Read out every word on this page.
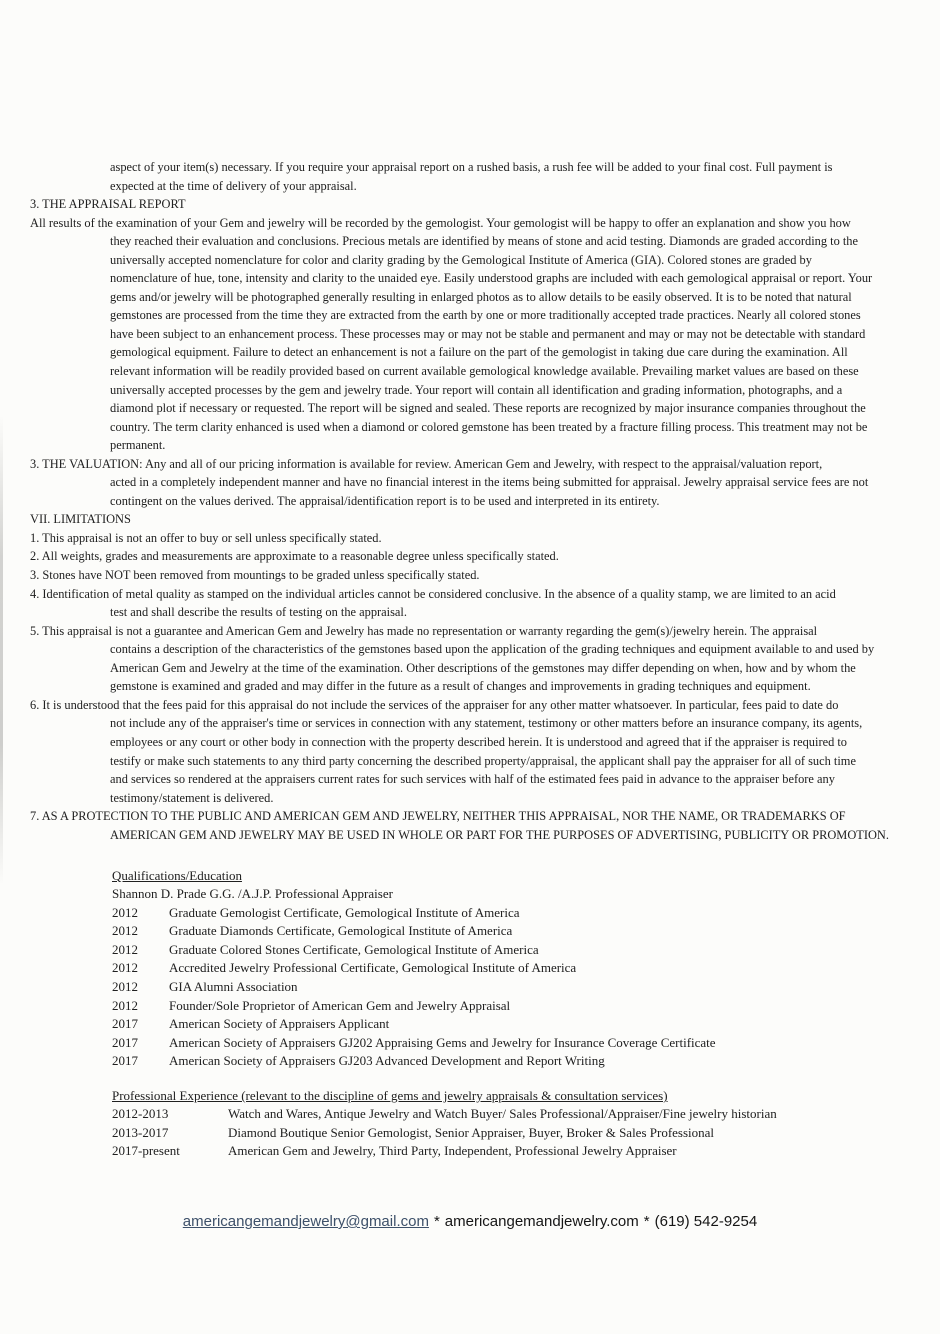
aspect of your item(s) necessary. If you require your appraisal report on a rushed basis, a rush fee will be added to your final cost. Full payment is
expected at the time of delivery of your appraisal.
3. THE APPRAISAL REPORT
All results of the examination of your Gem and jewelry will be recorded by the gemologist. Your gemologist will be happy to offer an explanation and show you how
they reached their evaluation and conclusions. Precious metals are identified by means of stone and acid testing. Diamonds are graded according to the
universally accepted nomenclature for color and clarity grading by the Gemological Institute of America (GIA). Colored stones are graded by
nomenclature of hue, tone, intensity and clarity to the unaided eye. Easily understood graphs are included with each gemological appraisal or report. Your
gems and/or jewelry will be photographed generally resulting in enlarged photos as to allow details to be easily observed. It is to be noted that natural
gemstones are processed from the time they are extracted from the earth by one or more traditionally accepted trade practices. Nearly all colored stones
have been subject to an enhancement process. These processes may or may not be stable and permanent and may or may not be detectable with standard
gemological equipment. Failure to detect an enhancement is not a failure on the part of the gemologist in taking due care during the examination. All
relevant information will be readily provided based on current available gemological knowledge available. Prevailing market values are based on these
universally accepted processes by the gem and jewelry trade. Your report will contain all identification and grading information, photographs, and a
diamond plot if necessary or requested. The report will be signed and sealed. These reports are recognized by major insurance companies throughout the
country. The term clarity enhanced is used when a diamond or colored gemstone has been treated by a fracture filling process. This treatment may not be
permanent.
3. THE VALUATION: Any and all of our pricing information is available for review. American Gem and Jewelry, with respect to the appraisal/valuation report,
acted in a completely independent manner and have no financial interest in the items being submitted for appraisal. Jewelry appraisal service fees are not
contingent on the values derived. The appraisal/identification report is to be used and interpreted in its entirety.
VII. LIMITATIONS
1. This appraisal is not an offer to buy or sell unless specifically stated.
2. All weights, grades and measurements are approximate to a reasonable degree unless specifically stated.
3. Stones have NOT been removed from mountings to be graded unless specifically stated.
4. Identification of metal quality as stamped on the individual articles cannot be considered conclusive. In the absence of a quality stamp, we are limited to an acid
test and shall describe the results of testing on the appraisal.
5. This appraisal is not a guarantee and American Gem and Jewelry has made no representation or warranty regarding the gem(s)/jewelry herein. The appraisal
contains a description of the characteristics of the gemstones based upon the application of the grading techniques and equipment available to and used by
American Gem and Jewelry at the time of the examination. Other descriptions of the gemstones may differ depending on when, how and by whom the
gemstone is examined and graded and may differ in the future as a result of changes and improvements in grading techniques and equipment.
6. It is understood that the fees paid for this appraisal do not include the services of the appraiser for any other matter whatsoever. In particular, fees paid to date do
not include any of the appraiser's time or services in connection with any statement, testimony or other matters before an insurance company, its agents,
employees or any court or other body in connection with the property described herein. It is understood and agreed that if the appraiser is required to
testify or make such statements to any third party concerning the described property/appraisal, the applicant shall pay the appraiser for all of such time
and services so rendered at the appraisers current rates for such services with half of the estimated fees paid in advance to the appraiser before any
testimony/statement is delivered.
7. AS A PROTECTION TO THE PUBLIC AND AMERICAN GEM AND JEWELRY, NEITHER THIS APPRAISAL, NOR THE NAME, OR TRADEMARKS OF
AMERICAN GEM AND JEWELRY MAY BE USED IN WHOLE OR PART FOR THE PURPOSES OF ADVERTISING, PUBLICITY OR PROMOTION.
Qualifications/Education
Shannon D. Prade G.G. /A.J.P. Professional Appraiser
2012	Graduate Gemologist Certificate, Gemological Institute of America
2012	Graduate Diamonds Certificate, Gemological Institute of America
2012	Graduate Colored Stones Certificate, Gemological Institute of America
2012	Accredited Jewelry Professional Certificate, Gemological Institute of America
2012	GIA Alumni Association
2012	Founder/Sole Proprietor of American Gem and Jewelry Appraisal
2017	American Society of Appraisers Applicant
2017	American Society of Appraisers GJ202 Appraising Gems and Jewelry for Insurance Coverage Certificate
2017	American Society of Appraisers GJ203 Advanced Development and Report Writing
Professional Experience (relevant to the discipline of gems and jewelry appraisals & consultation services)
2012-2013	Watch and Wares, Antique Jewelry and Watch Buyer/ Sales Professional/Appraiser/Fine jewelry historian
2013-2017	Diamond Boutique Senior Gemologist, Senior Appraiser, Buyer, Broker & Sales Professional
2017-present	American Gem and Jewelry, Third Party, Independent, Professional Jewelry Appraiser
americangemandjewelry@gmail.com * americangemandjewelry.com * (619) 542-9254
